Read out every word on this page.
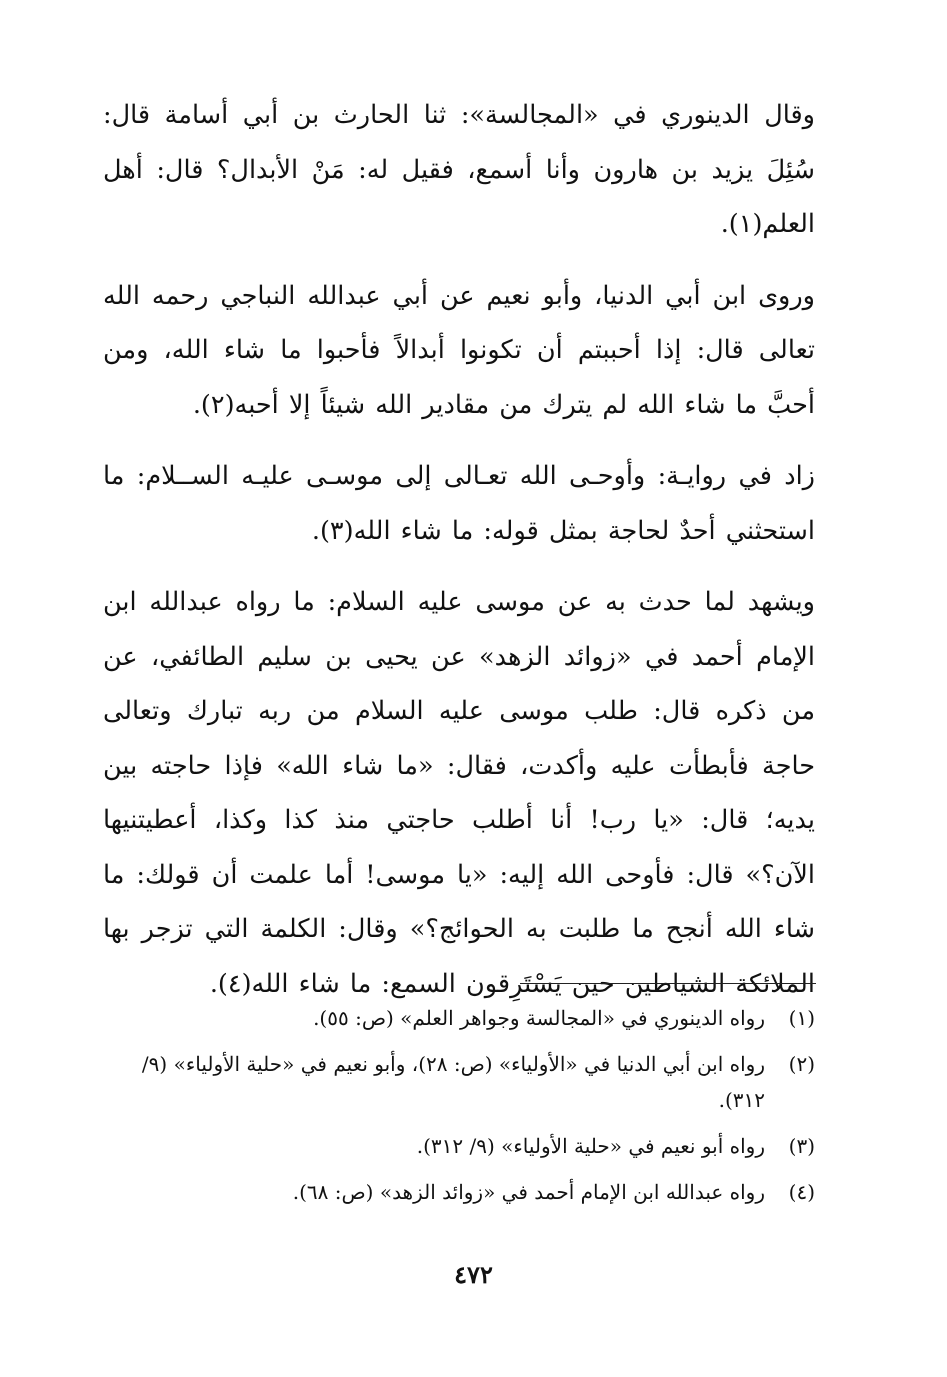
وقال الدينوري في «المجالسة»: ثنا الحارث بن أبي أسامة قال: سُئِلَ يزيد بن هارون وأنا أسمع، فقيل له: مَنْ الأبدال؟ قال: أهل العلم(١).

وروى ابن أبي الدنيا، وأبو نعيم عن أبي عبدالله النباجي رحمه الله تعالى قال: إذا أحببتم أن تكونوا أبدالاً فأحبوا ما شاء الله، ومن أحبَّ ما شاء الله لم يترك من مقادير الله شيئاً إلا أحبه(٢).

زاد في روايـة: وأوحـى الله تعـالى إلى موسـى عليـه الســلام: ما استحثني أحدٌ لحاجة بمثل قوله: ما شاء الله(٣).

ويشهد لما حدث به عن موسى عليه السلام: ما رواه عبدالله ابن الإمام أحمد في «زوائد الزهد» عن يحيى بن سليم الطائفي، عن من ذكره قال: طلب موسى عليه السلام من ربه تبارك وتعالى حاجة فأبطأت عليه وأكدت، فقال: «ما شاء الله» فإذا حاجته بين يديه؛ قال: «يا رب! أنا أطلب حاجتي منذ كذا وكذا، أعطيتنيها الآن؟» قال: فأوحى الله إليه: «يا موسى! أما علمت أن قولك: ما شاء الله أنجح ما طلبت به الحوائج؟» وقال: الكلمة التي تزجر بها الملائكة الشياطين حين يَسْتَرِقون السمع: ما شاء الله(٤).

(١)
رواه الدينوري في «المجالسة وجواهر العلم» (ص: ٥٥).
(٢)
رواه ابن أبي الدنيا في «الأولياء» (ص: ٢٨)، وأبو نعيم في «حلية الأولياء» (٩/ ٣١٢).
(٣)
رواه أبو نعيم في «حلية الأولياء» (٩/ ٣١٢).
(٤)
رواه عبدالله ابن الإمام أحمد في «زوائد الزهد» (ص: ٦٨).
٤٧٢
